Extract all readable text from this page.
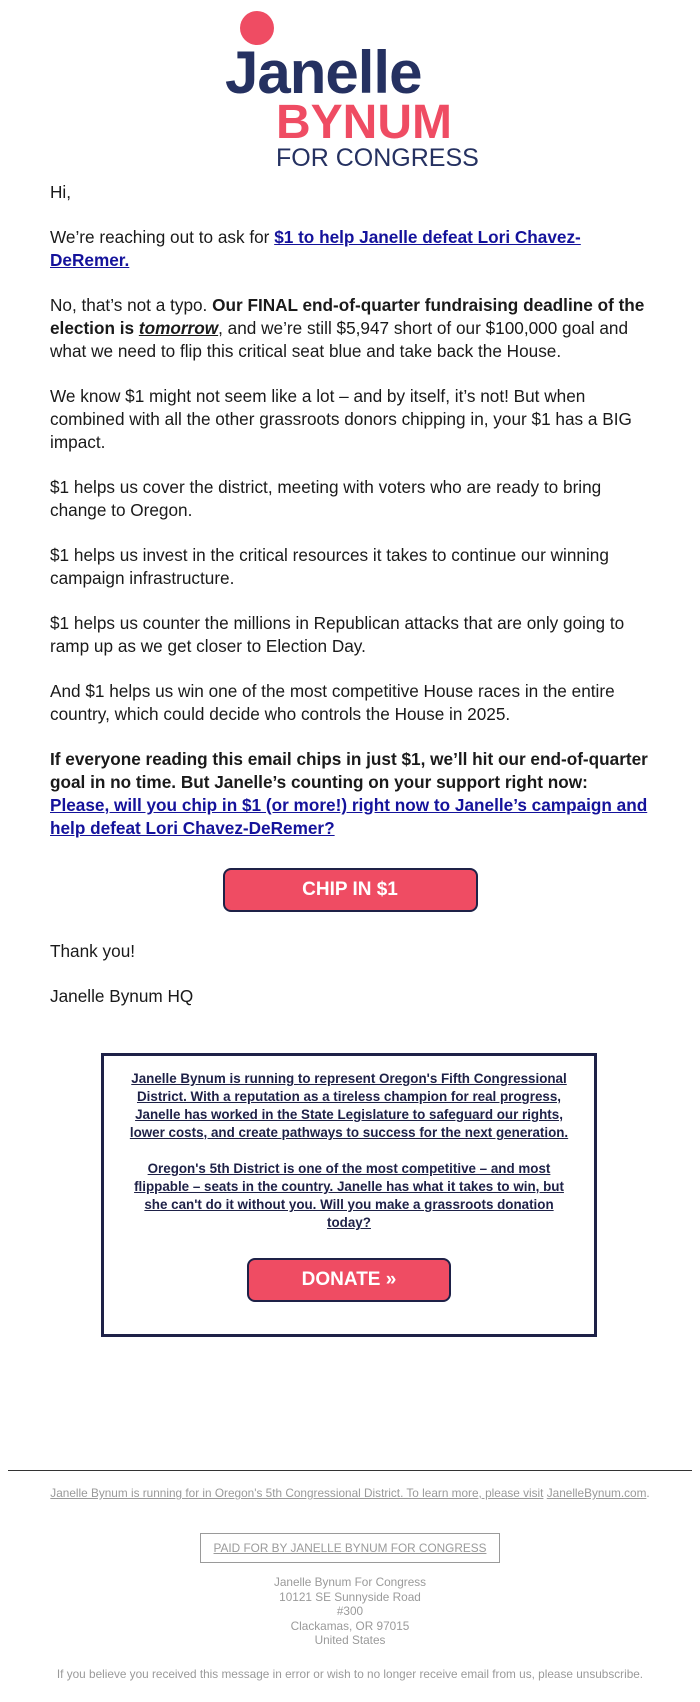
Janelle
BYNUM
FOR CONGRESS

Hi,

We’re reaching out to ask for $1 to help Janelle defeat Lori Chavez-DeRemer.

No, that’s not a typo. Our FINAL end-of-quarter fundraising deadline of the election is tomorrow, and we’re still $5,947 short of our $100,000 goal and what we need to flip this critical seat blue and take back the House.

We know $1 might not seem like a lot – and by itself, it’s not! But when combined with all the other grassroots donors chipping in, your $1 has a BIG impact.

$1 helps us cover the district, meeting with voters who are ready to bring change to Oregon.

$1 helps us invest in the critical resources it takes to continue our winning campaign infrastructure.

$1 helps us counter the millions in Republican attacks that are only going to ramp up as we get closer to Election Day.

And $1 helps us win one of the most competitive House races in the entire country, which could decide who controls the House in 2025.

If everyone reading this email chips in just $1, we’ll hit our end-of-quarter goal in no time. But Janelle’s counting on your support right now: Please, will you chip in $1 (or more!) right now to Janelle’s campaign and help defeat Lori Chavez-DeRemer?

CHIP IN $1

Thank you!

Janelle Bynum HQ

Janelle Bynum is running to represent Oregon's Fifth Congressional District. With a reputation as a tireless champion for real progress, Janelle has worked in the State Legislature to safeguard our rights, lower costs, and create pathways to success for the next generation.

Oregon's 5th District is one of the most competitive – and most flippable – seats in the country. Janelle has what it takes to win, but she can't do it without you. Will you make a grassroots donation today?

DONATE »
Janelle Bynum is running for in Oregon's 5th Congressional District. To learn more, please visit JanelleBynum.com.
PAID FOR BY JANELLE BYNUM FOR CONGRESS
Janelle Bynum For Congress
10121 SE Sunnyside Road
#300
Clackamas, OR 97015
United States
If you believe you received this message in error or wish to no longer receive email from us, please unsubscribe.
